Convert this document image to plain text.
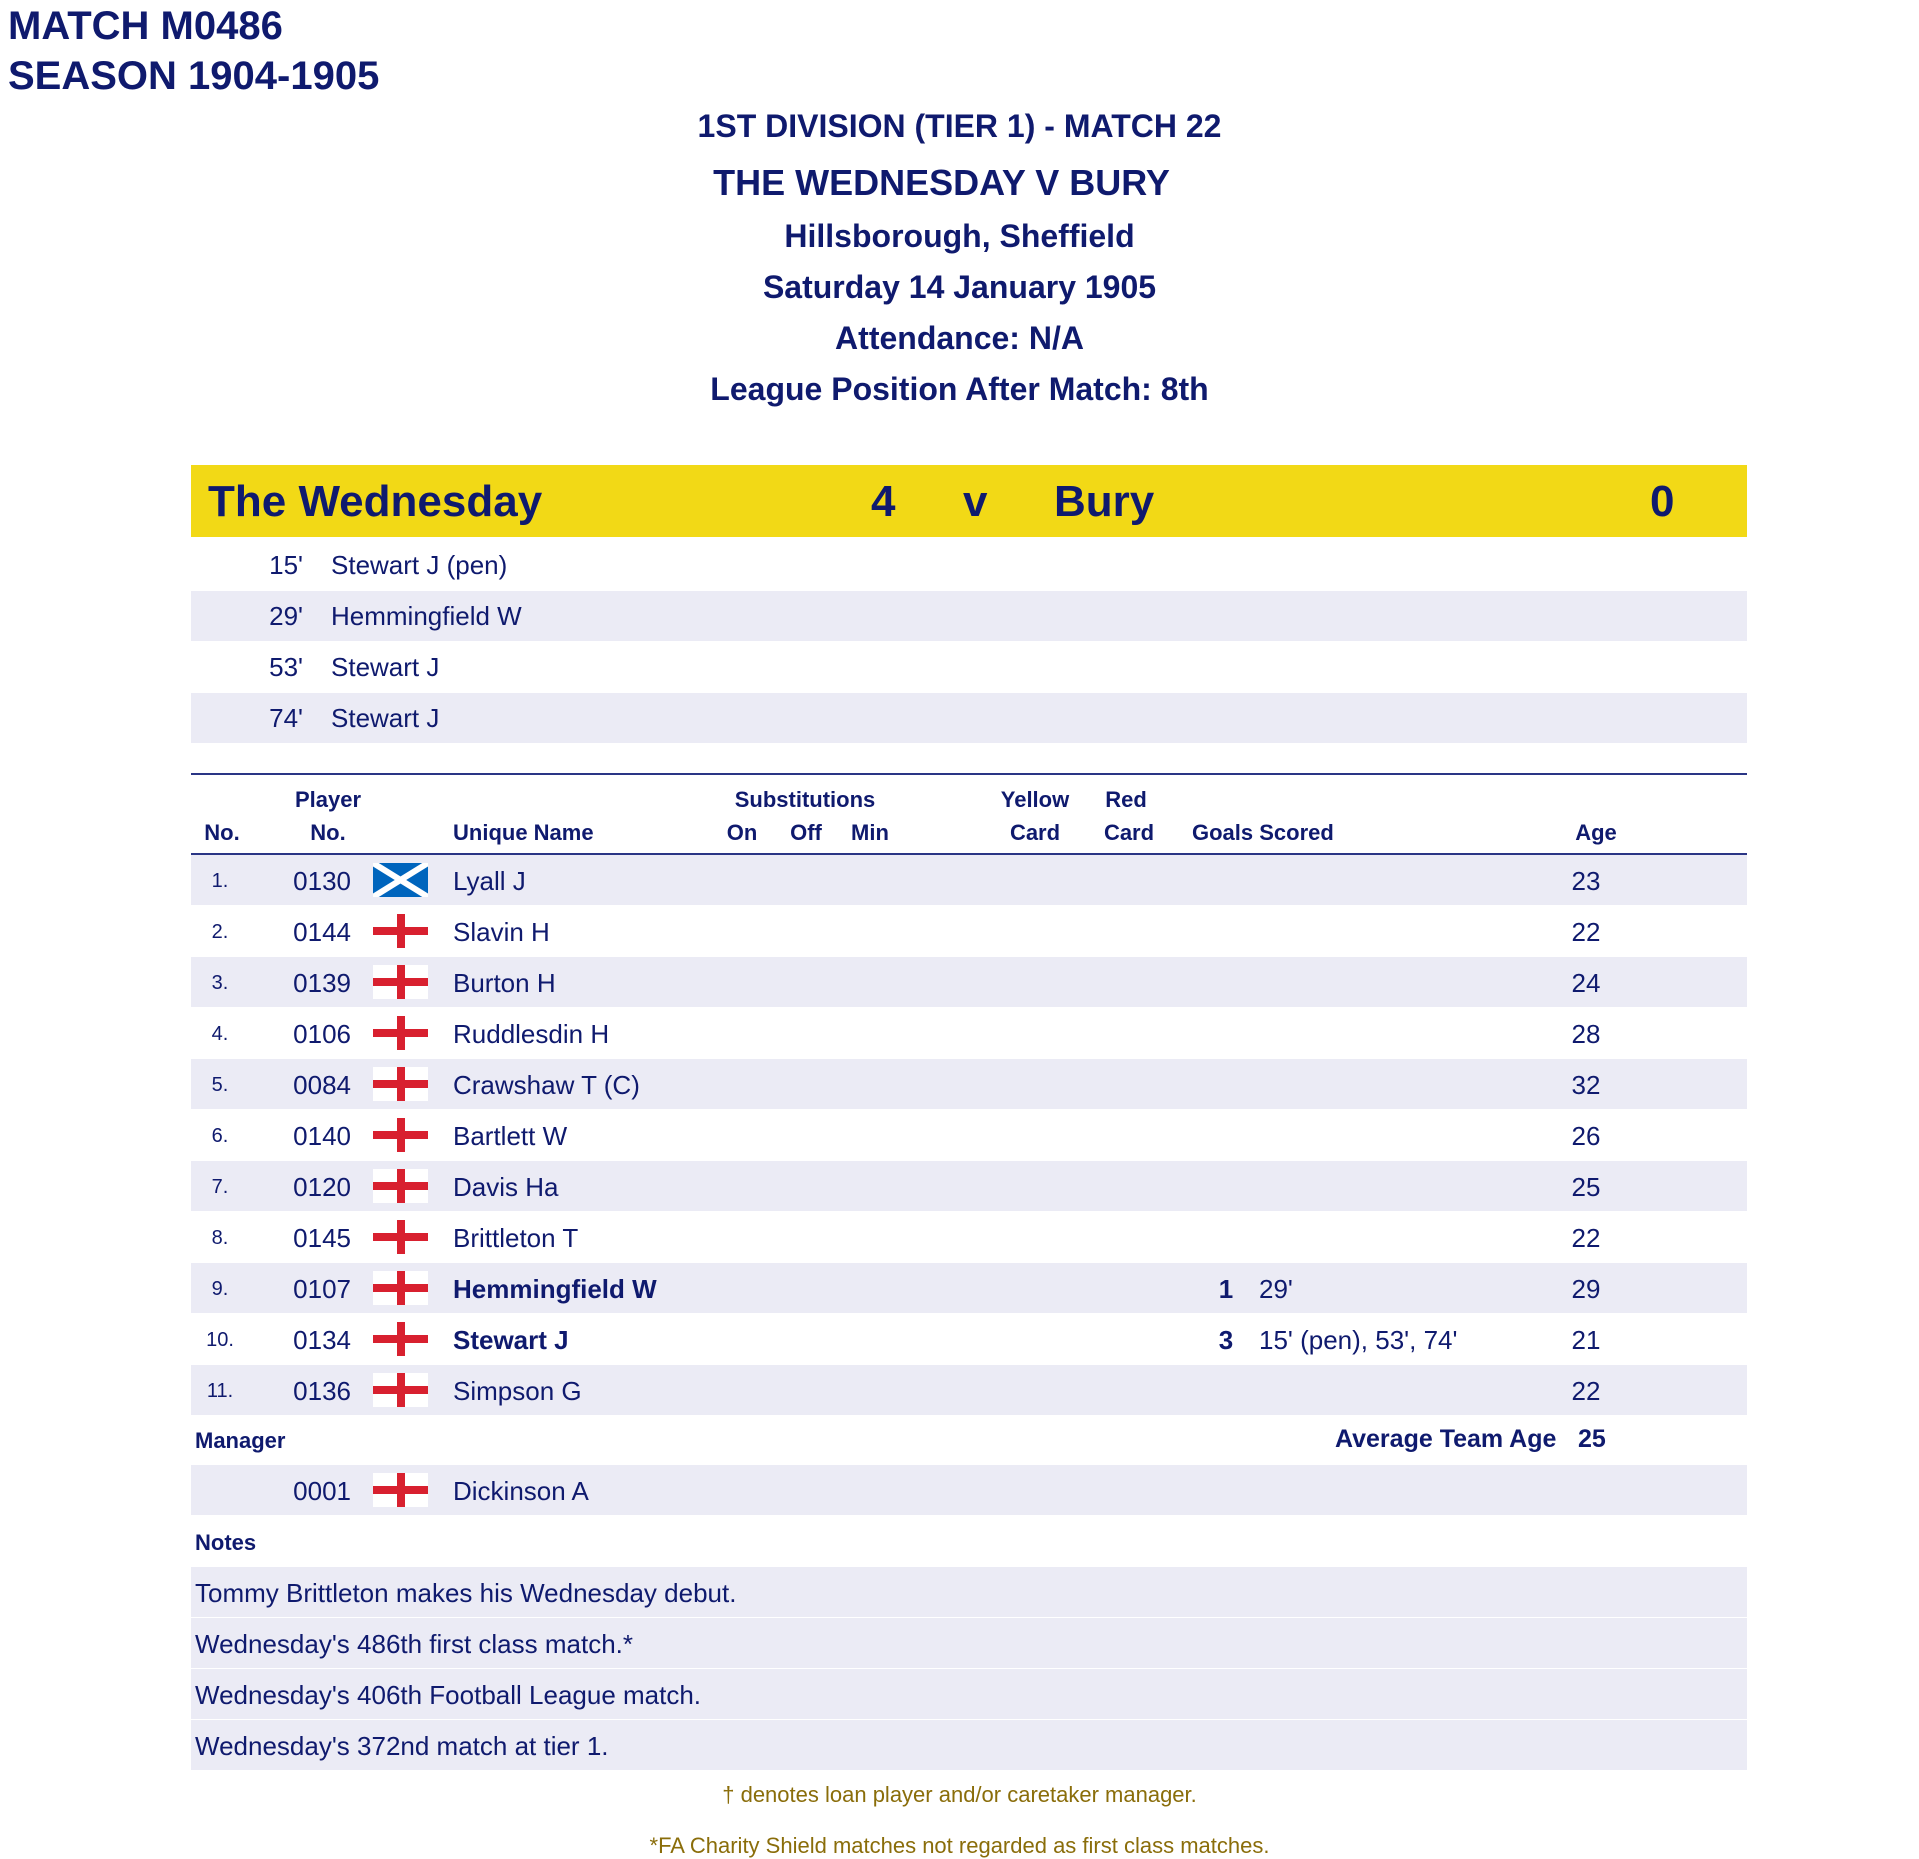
MATCH M0486
SEASON 1904-1905
1ST DIVISION (TIER 1) - MATCH 22
THE WEDNESDAY V BURY
Hillsborough, Sheffield
Saturday 14 January 1905
Attendance: N/A
League Position After Match: 8th
The Wednesday	4 v Bury	0
15' Stewart J (pen)
29' Hemmingfield W
53' Stewart J
74' Stewart J
No.
Player
No.	Unique Name
Substitutions
On Off Min
Yellow
Card
Red
Card Goals Scored	Age
1.	0130	Lyall J	23
2.	0144	Slavin H	22
3.	0139	Burton H	24
4.	0106	Ruddlesdin H	28
5.	0084	Crawshaw T (C)	32
6.	0140	Bartlett W	26
7.	0120	Davis Ha	25
8.	0145	Brittleton T	22
9.	0107	Hemmingfield W	1 29'	29
10.	0134	Stewart J	3 15' (pen), 53', 74'	21
11.	0136	Simpson G	22
Manager	Average Team Age 25
0001	Dickinson A
Notes
Tommy Brittleton makes his Wednesday debut.
Wednesday's 486th first class match.*
Wednesday's 406th Football League match.
Wednesday's 372nd match at tier 1.
† denotes loan player and/or caretaker manager.
*FA Charity Shield matches not regarded as first class matches.
